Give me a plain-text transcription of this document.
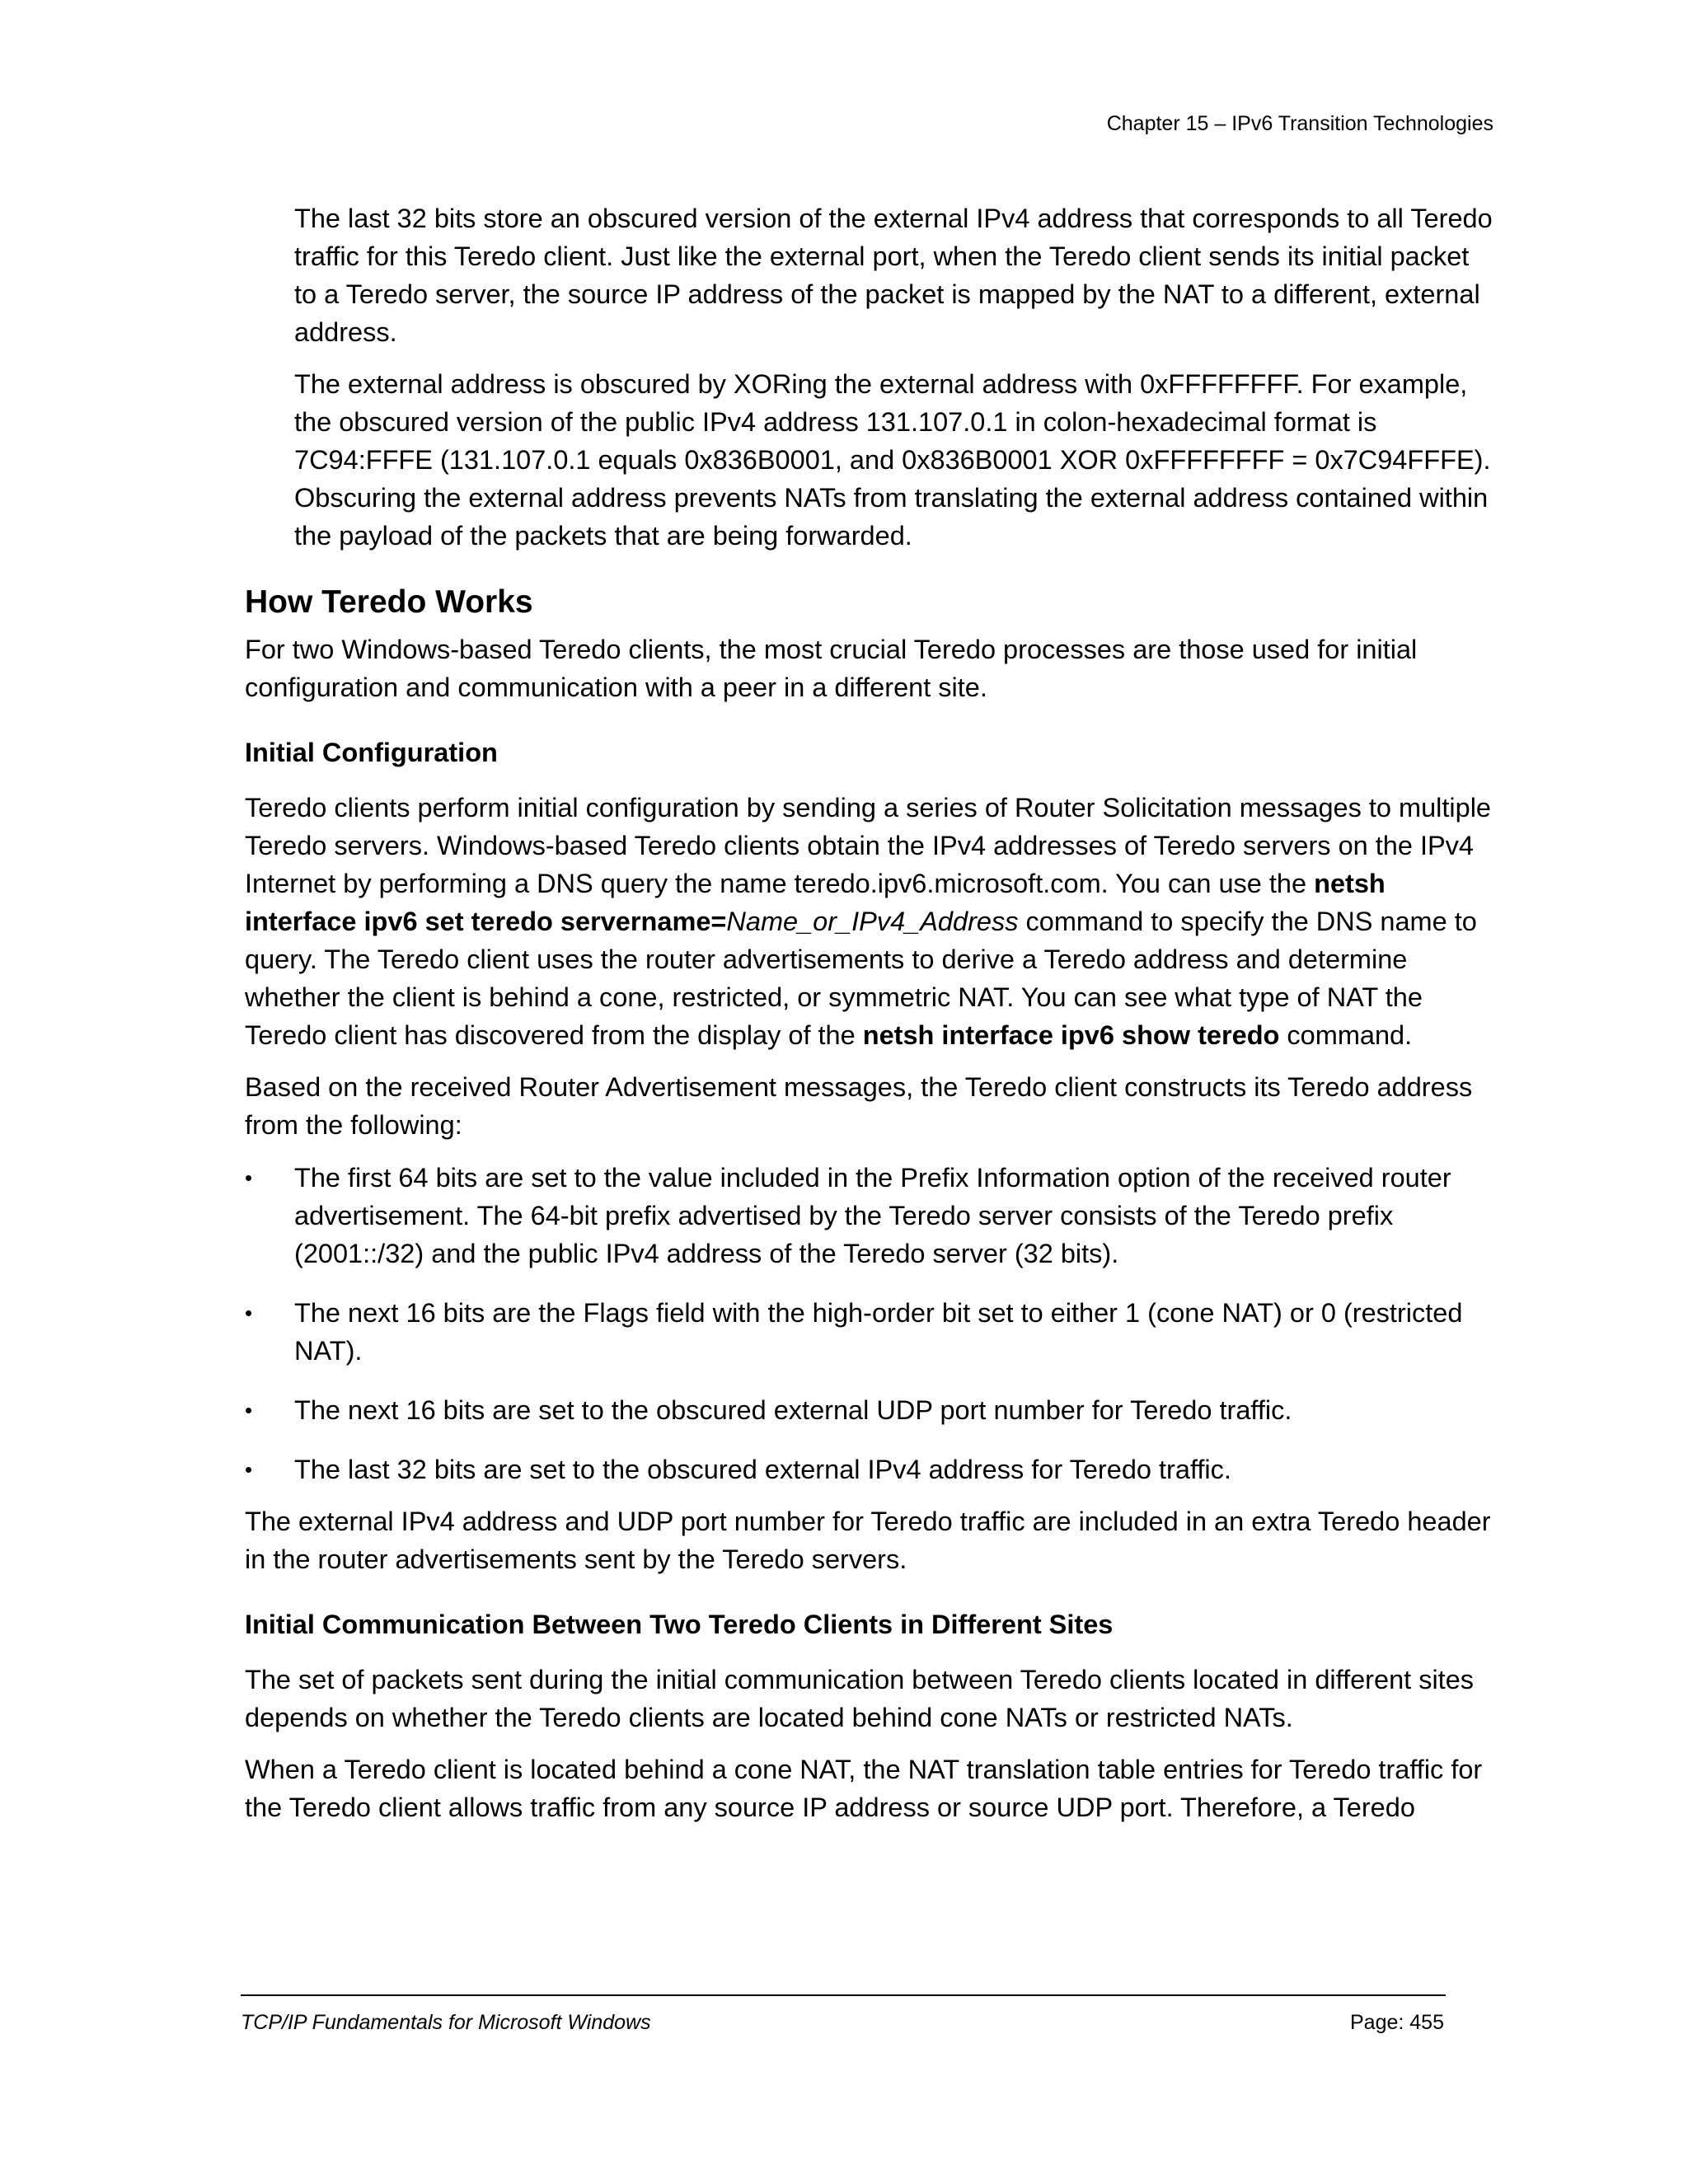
Chapter 15 – IPv6 Transition Technologies

The last 32 bits store an obscured version of the external IPv4 address that corresponds to all Teredo traffic for this Teredo client. Just like the external port, when the Teredo client sends its initial packet to a Teredo server, the source IP address of the packet is mapped by the NAT to a different, external address.

The external address is obscured by XORing the external address with 0xFFFFFFFF. For example, the obscured version of the public IPv4 address 131.107.0.1 in colon-hexadecimal format is 7C94:FFFE (131.107.0.1 equals 0x836B0001, and 0x836B0001 XOR 0xFFFFFFFF = 0x7C94FFFE). Obscuring the external address prevents NATs from translating the external address contained within the payload of the packets that are being forwarded.

How Teredo Works

For two Windows-based Teredo clients, the most crucial Teredo processes are those used for initial configuration and communication with a peer in a different site.

Initial Configuration

Teredo clients perform initial configuration by sending a series of Router Solicitation messages to multiple Teredo servers. Windows-based Teredo clients obtain the IPv4 addresses of Teredo servers on the IPv4 Internet by performing a DNS query the name teredo.ipv6.microsoft.com. You can use the netsh interface ipv6 set teredo servername=Name_or_IPv4_Address command to specify the DNS name to query. The Teredo client uses the router advertisements to derive a Teredo address and determine whether the client is behind a cone, restricted, or symmetric NAT. You can see what type of NAT the Teredo client has discovered from the display of the netsh interface ipv6 show teredo command.

Based on the received Router Advertisement messages, the Teredo client constructs its Teredo address from the following:

•	The first 64 bits are set to the value included in the Prefix Information option of the received router advertisement. The 64-bit prefix advertised by the Teredo server consists of the Teredo prefix (2001::/32) and the public IPv4 address of the Teredo server (32 bits).
•	The next 16 bits are the Flags field with the high-order bit set to either 1 (cone NAT) or 0 (restricted NAT).
•	The next 16 bits are set to the obscured external UDP port number for Teredo traffic.
•	The last 32 bits are set to the obscured external IPv4 address for Teredo traffic.

The external IPv4 address and UDP port number for Teredo traffic are included in an extra Teredo header in the router advertisements sent by the Teredo servers.

Initial Communication Between Two Teredo Clients in Different Sites

The set of packets sent during the initial communication between Teredo clients located in different sites depends on whether the Teredo clients are located behind cone NATs or restricted NATs.

When a Teredo client is located behind a cone NAT, the NAT translation table entries for Teredo traffic for the Teredo client allows traffic from any source IP address or source UDP port. Therefore, a Teredo

TCP/IP Fundamentals for Microsoft Windows	Page: 455
